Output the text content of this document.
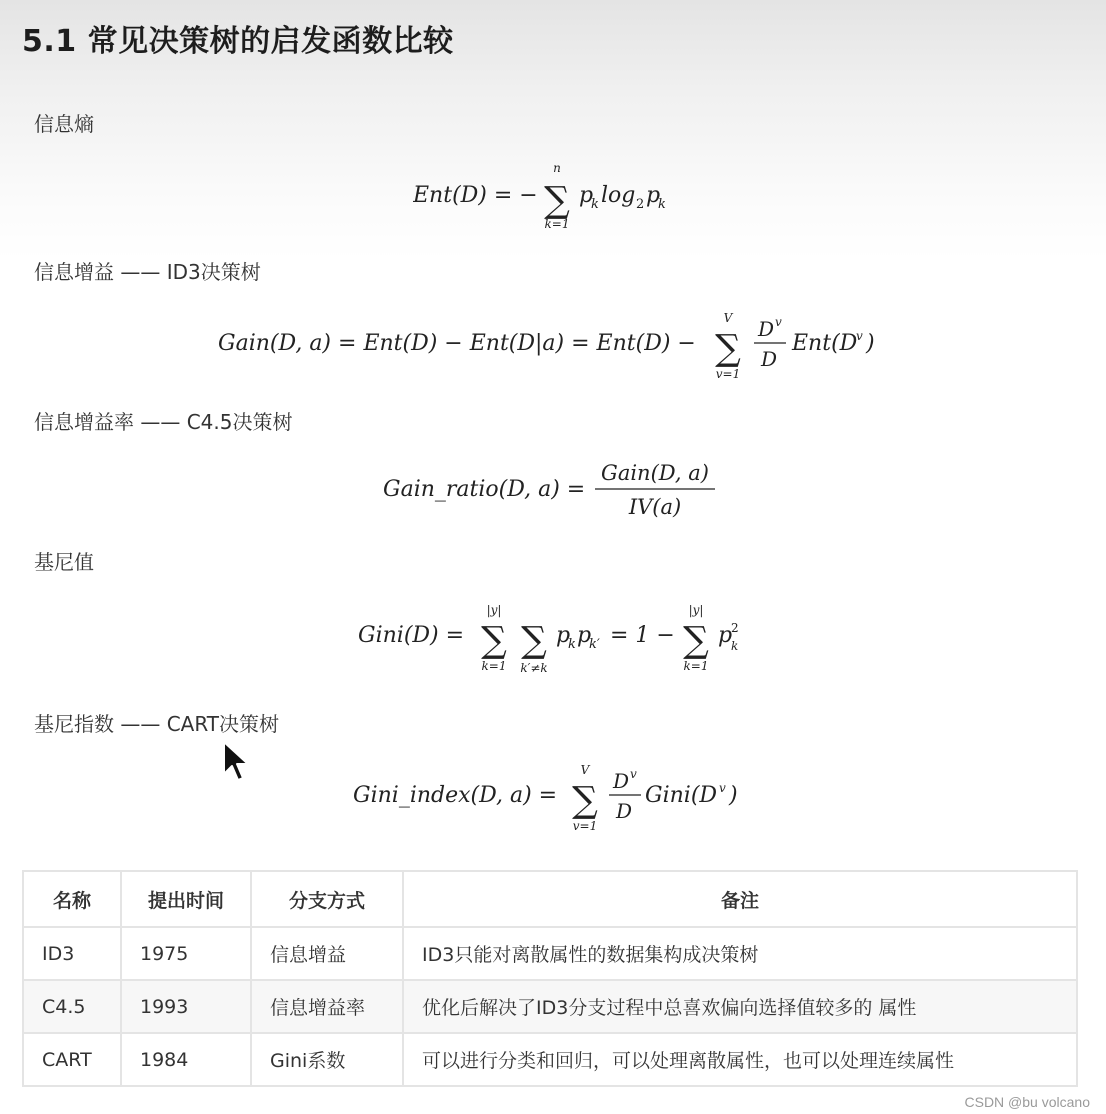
5.1 常见决策树的启发函数比较

信息熵

Ent(D) = −
n
∑
k=1
p
k log 2 p
k

信息增益 —— ID3决策树

Gain(D, a) = Ent(D) − Ent(D|a) = Ent(D) −
V
∑
v=1
D v
D
Ent(D
v )

信息增益率 —— C4.5决策树

Gain_ratio(D, a) =
Gain(D, a)
IV(a)

基尼值

Gini(D) =
|y|
∑
k=1
∑
k′≠k
p
k p
k′ = 1 −
|y|
∑
k=1
p
2
k

基尼指数 —— CART决策树

Gini_index(D, a) =
V
∑
v=1
D v
D
Gini(D v )
名称	提出时间	分支方式	备注
ID3	1975	信息增益	ID3只能对离散属性的数据集构成决策树
C4.5	1993	信息增益率	优化后解决了ID3分支过程中总喜欢偏向选择值较多的 属性
CART	1984	Gini系数	可以进行分类和回归，可以处理离散属性，也可以处理连续属性
CSDN @bu volcano
